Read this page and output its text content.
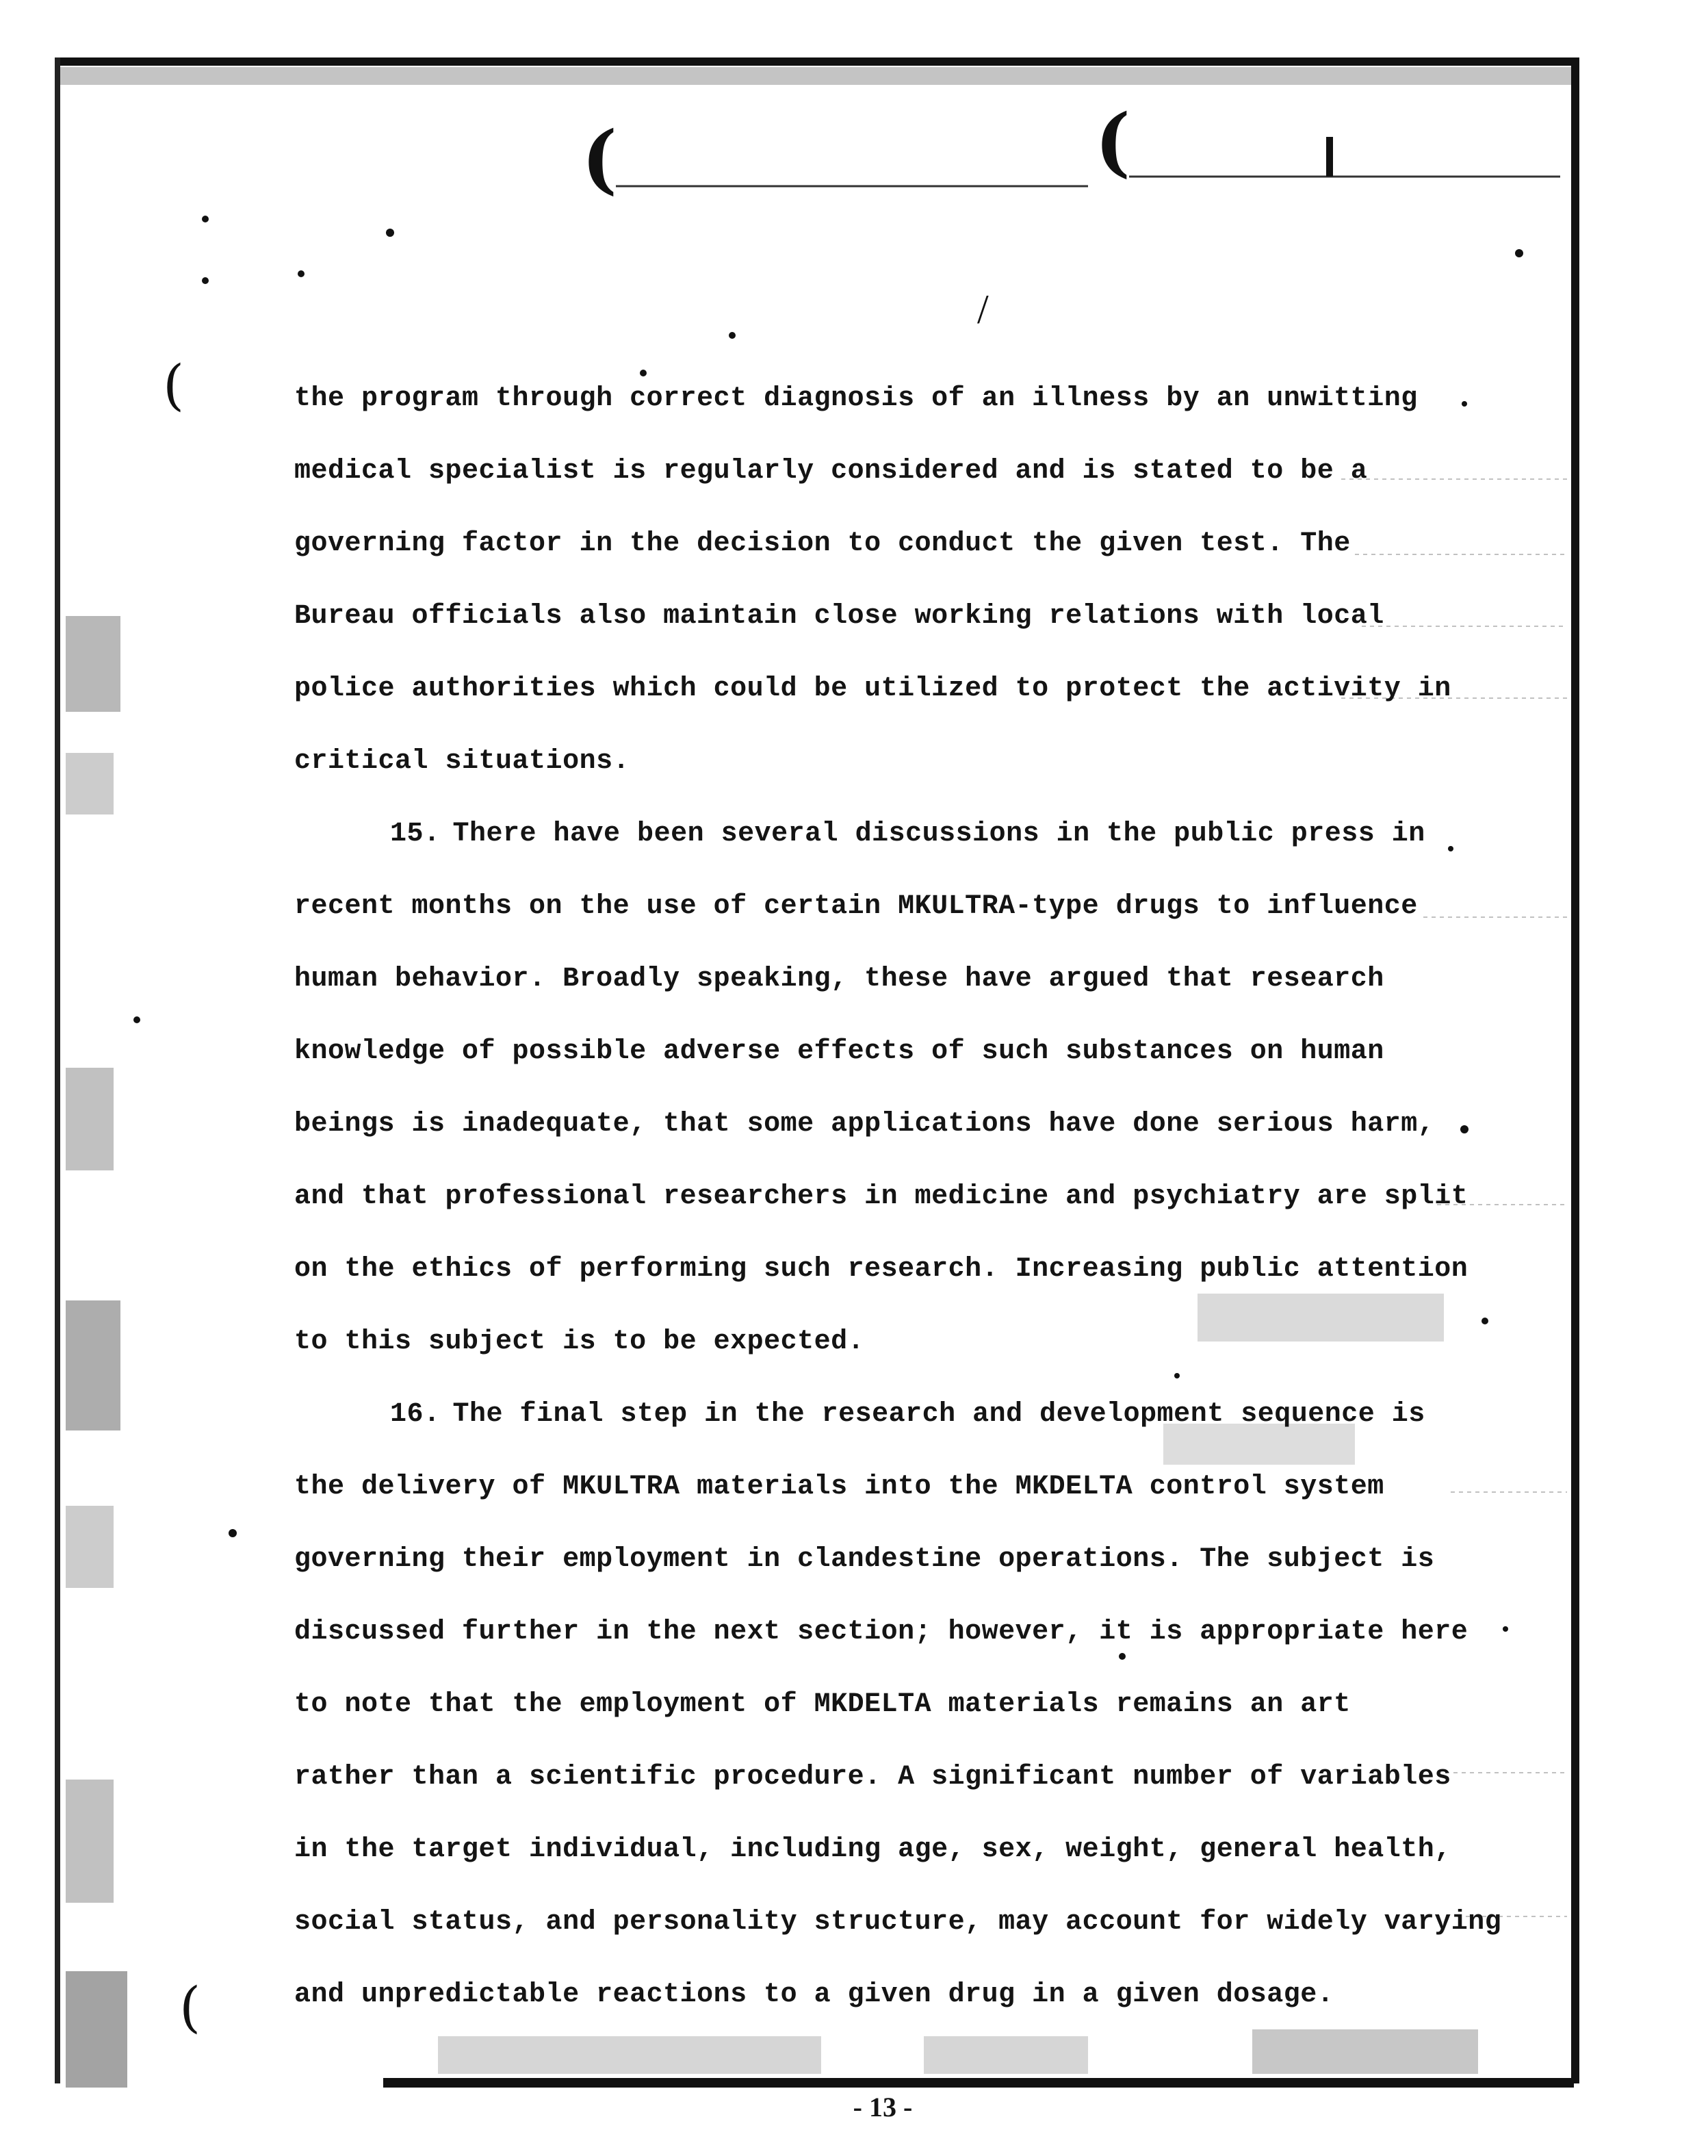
(	(
(
(
/
the program through correct diagnosis of an illness by an unwitting
medical specialist is regularly considered and is stated to be a
governing factor in the decision to conduct the given test. The
Bureau officials also maintain close working relations with local
police authorities which could be utilized to protect the activity in
critical situations.
15. There have been several discussions in the public press in
recent months on the use of certain MKULTRA-type drugs to influence
human behavior. Broadly speaking, these have argued that research
knowledge of possible adverse effects of such substances on human
beings is inadequate, that some applications have done serious harm,
and that professional researchers in medicine and psychiatry are split
on the ethics of performing such research. Increasing public attention
to this subject is to be expected.
16. The final step in the research and development sequence is
the delivery of MKULTRA materials into the MKDELTA control system
governing their employment in clandestine operations. The subject is
discussed further in the next section; however, it is appropriate here
to note that the employment of MKDELTA materials remains an art
rather than a scientific procedure. A significant number of variables
in the target individual, including age, sex, weight, general health,
social status, and personality structure, may account for widely varying
and unpredictable reactions to a given drug in a given dosage.
- 13 -
